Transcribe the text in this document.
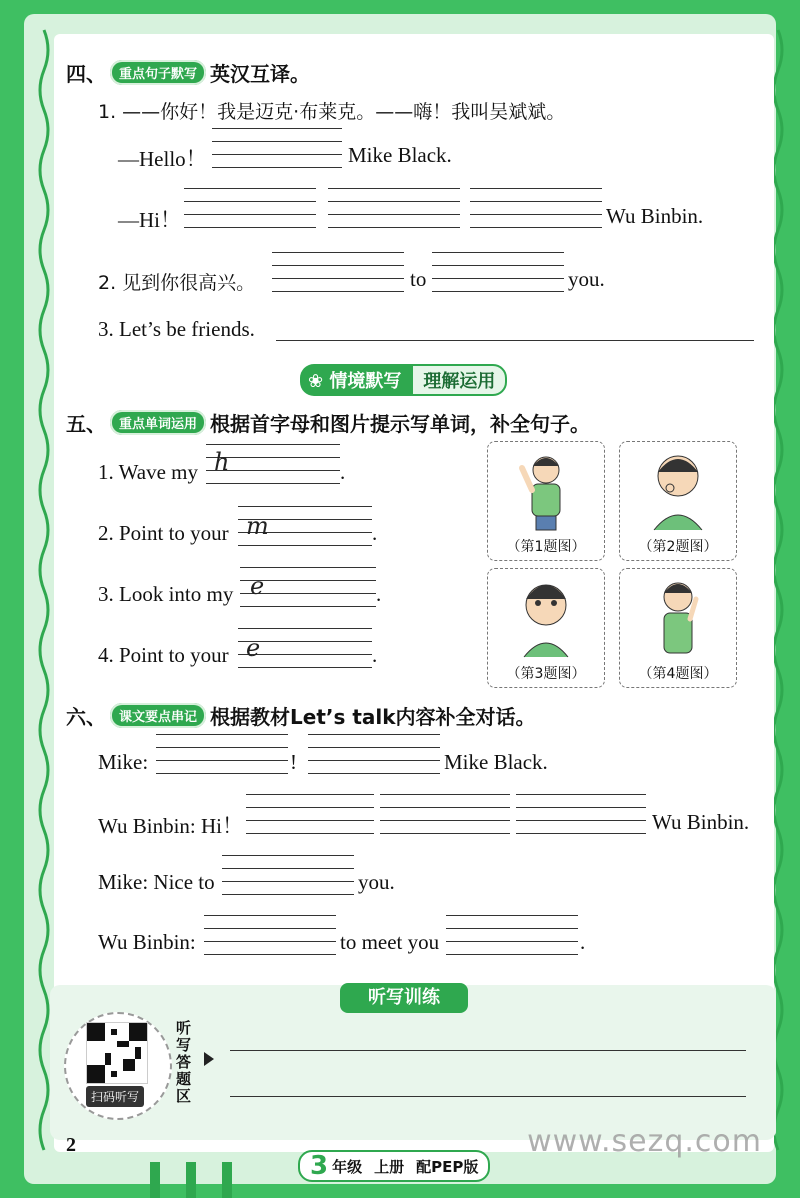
四、 重点句子默写 英汉互译。
1. ——你好！我是迈克·布莱克。——嗨！我叫吴斌斌。
—Hello！	Mike Black.
—Hi！	Wu Binbin.
2. 见到你很高兴。	to	you.
3. Let’s be friends.
❀ 情境默写	理解运用
五、 重点单词运用 根据首字母和图片提示写单词，补全句子。
1. Wave my h	.
2. Point to your m	.
3. Look into my e	.
4. Point to your e	.
（第1题图）	（第2题图）
（第3题图）	（第4题图）
六、 课文要点串记 根据教材Let’s talk内容补全对话。
Mike:	!	Mike Black.
Wu Binbin: Hi！	Wu Binbin.
Mike: Nice to	you.
Wu Binbin:	to meet you	.
听写训练
扫码听写
听写答题区
2
3 年级 上册 配PEP版
www.sezq.com
